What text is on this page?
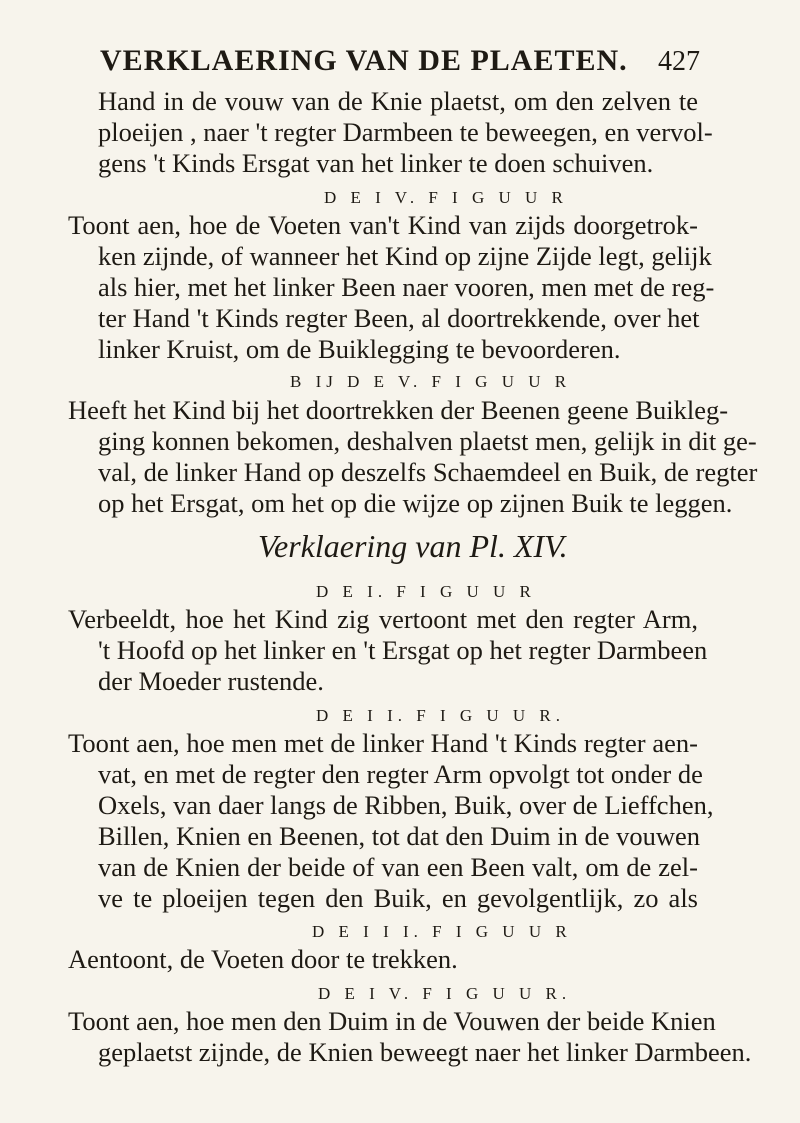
VERKLAERING VAN DE PLAETEN. 427
Hand in de vouw van de Knie plaetst, om den zelven te
ploeijen , naer 't regter Darmbeen te beweegen, en vervol-
gens 't Kinds Ersgat van het linker te doen schuiven.
D E I V. F I G U U R
Toont aen, hoe de Voeten van't Kind van zijds doorgetrok-
ken zijnde, of wanneer het Kind op zijne Zijde legt, gelijk
als hier, met het linker Been naer vooren, men met de reg-
ter Hand 't Kinds regter Been, al doortrekkende, over het
linker Kruist, om de Buiklegging te bevoorderen.
B IJ D E V. F I G U U R
Heeft het Kind bij het doortrekken der Beenen geene Buikleg-
ging konnen bekomen, deshalven plaetst men, gelijk in dit ge-
val, de linker Hand op deszelfs Schaemdeel en Buik, de regter
op het Ersgat, om het op die wijze op zijnen Buik te leggen.
Verklaering van Pl. XIV.
D E I. F I G U U R
Verbeeldt, hoe het Kind zig vertoont met den regter Arm,
't Hoofd op het linker en 't Ersgat op het regter Darmbeen
der Moeder rustende.
D E I I. F I G U U R.
Toont aen, hoe men met de linker Hand 't Kinds regter aen-
vat, en met de regter den regter Arm opvolgt tot onder de
Oxels, van daer langs de Ribben, Buik, over de Lieffchen,
Billen, Knien en Beenen, tot dat den Duim in de vouwen
van de Knien der beide of van een Been valt, om de zel-
ve te ploeijen tegen den Buik, en gevolgentlijk, zo als
D E I I I. F I G U U R
Aentoont, de Voeten door te trekken.
D E I V. F I G U U R.
Toont aen, hoe men den Duim in de Vouwen der beide Knien
geplaetst zijnde, de Knien beweegt naer het linker Darmbeen.
